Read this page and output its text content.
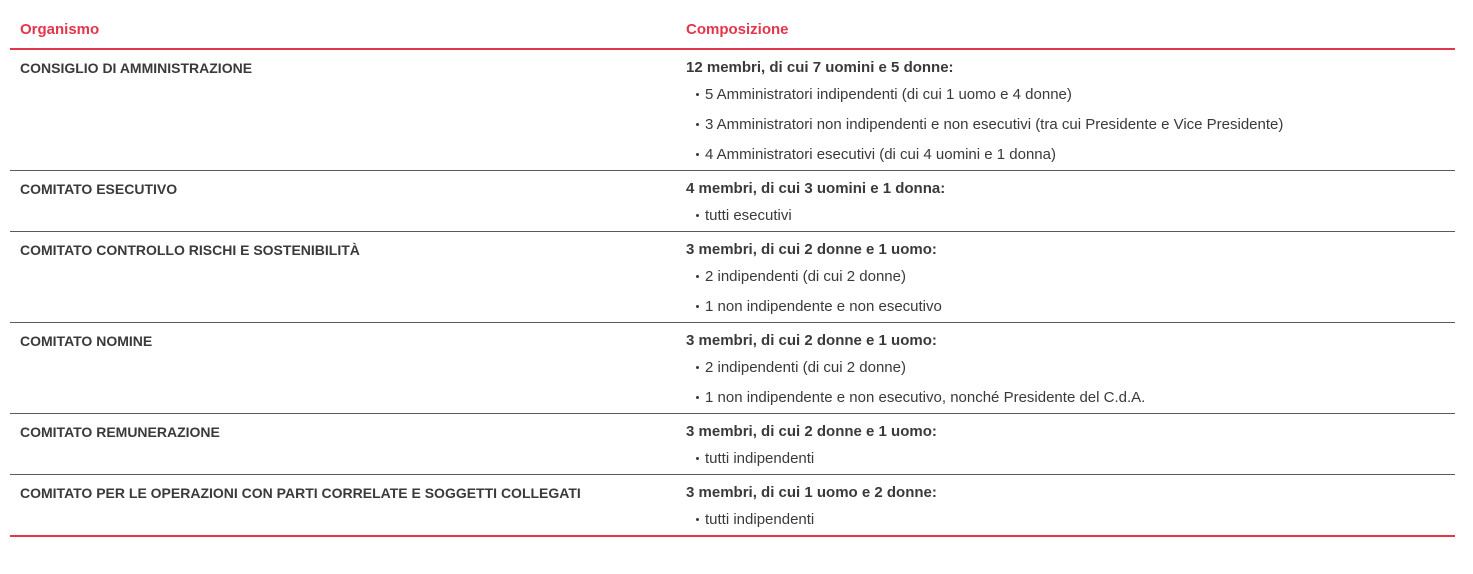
Organismo	Composizione
CONSIGLIO DI AMMINISTRAZIONE	12 membri, di cui 7 uomini e 5 donne:
5 Amministratori indipendenti (di cui 1 uomo e 4 donne)
3 Amministratori non indipendenti e non esecutivi (tra cui Presidente e Vice Presidente)
4 Amministratori esecutivi (di cui 4 uomini e 1 donna)
COMITATO ESECUTIVO	4 membri, di cui 3 uomini e 1 donna:
tutti esecutivi
COMITATO CONTROLLO RISCHI E SOSTENIBILITÀ	3 membri, di cui 2 donne e 1 uomo:
2 indipendenti (di cui 2 donne)
1 non indipendente e non esecutivo
COMITATO NOMINE	3 membri, di cui 2 donne e 1 uomo:
2 indipendenti (di cui 2 donne)
1 non indipendente e non esecutivo, nonché Presidente del C.d.A.
COMITATO REMUNERAZIONE	3 membri, di cui 2 donne e 1 uomo:
tutti indipendenti
COMITATO PER LE OPERAZIONI CON PARTI CORRELATE E SOGGETTI COLLEGATI	3 membri, di cui 1 uomo e 2 donne:
tutti indipendenti
